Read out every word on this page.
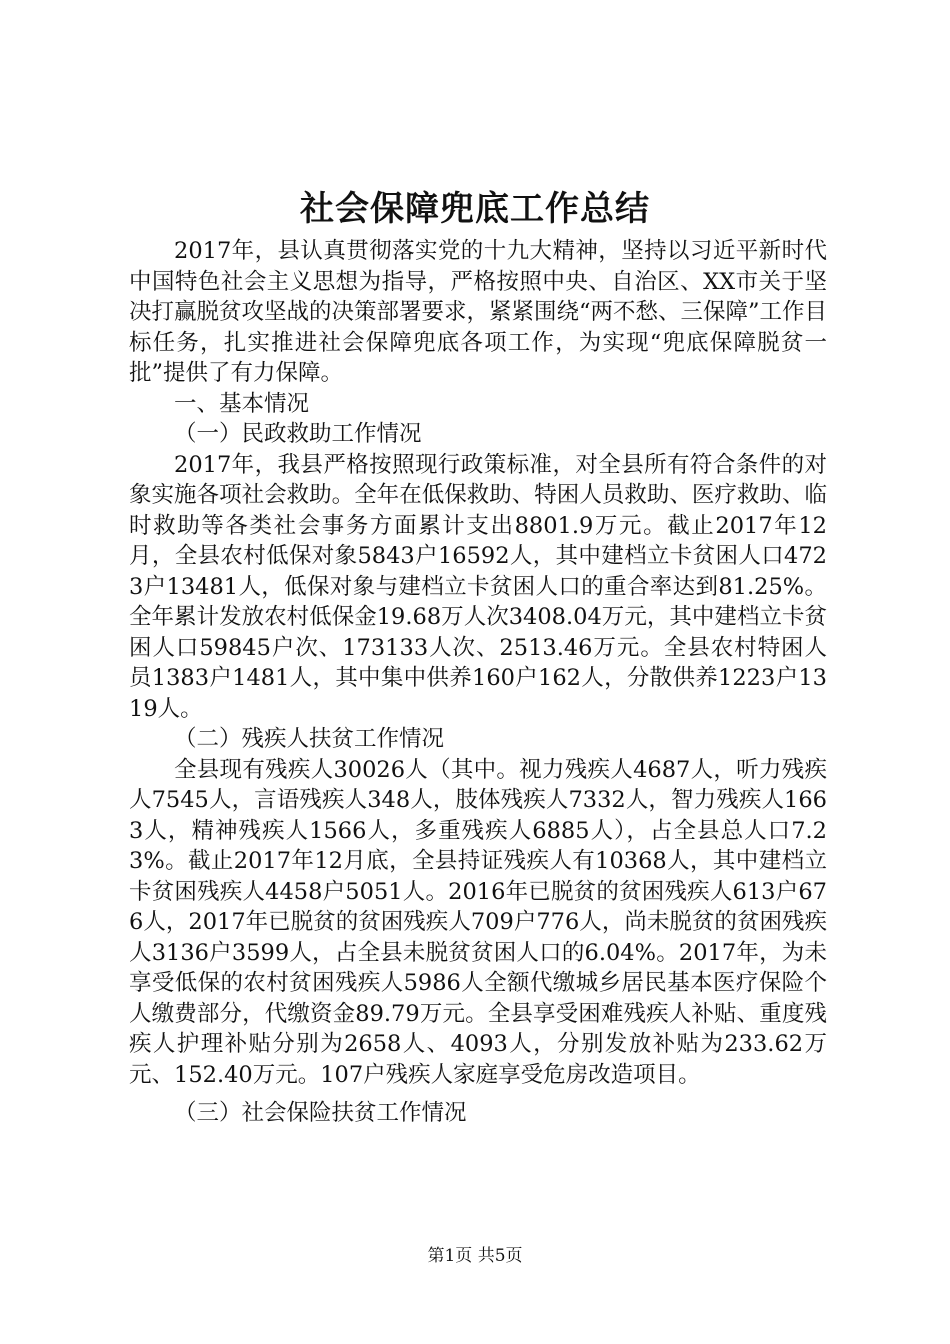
社会保障兜底工作总结

2017年，县认真贯彻落实党的十九大精神，坚持以习近平新时代中国特色社会主义思想为指导，严格按照中央、自治区、XX市关于坚决打赢脱贫攻坚战的决策部署要求，紧紧围绕“两不愁、三保障”工作目标任务，扎实推进社会保障兜底各项工作，为实现“兜底保障脱贫一批”提供了有力保障。

一、基本情况

（一）民政救助工作情况

2017年，我县严格按照现行政策标准，对全县所有符合条件的对象实施各项社会救助。全年在低保救助、特困人员救助、医疗救助、临时救助等各类社会事务方面累计支出8801.9万元。截止2017年12月，全县农村低保对象5843户16592人，其中建档立卡贫困人口4723户13481人，低保对象与建档立卡贫困人口的重合率达到81.25%。全年累计发放农村低保金19.68万人次3408.04万元，其中建档立卡贫困人口59845户次、173133人次、2513.46万元。全县农村特困人员1383户1481人，其中集中供养160户162人，分散供养1223户1319人。

（二）残疾人扶贫工作情况

全县现有残疾人30026人（其中。视力残疾人4687人，听力残疾人7545人，言语残疾人348人，肢体残疾人7332人，智力残疾人1663人，精神残疾人1566人，多重残疾人6885人），占全县总人口7.23%。截止2017年12月底，全县持证残疾人有10368人，其中建档立卡贫困残疾人4458户5051人。2016年已脱贫的贫困残疾人613户676人，2017年已脱贫的贫困残疾人709户776人，尚未脱贫的贫困残疾人3136户3599人，占全县未脱贫贫困人口的6.04%。2017年，为未享受低保的农村贫困残疾人5986人全额代缴城乡居民基本医疗保险个人缴费部分，代缴资金89.79万元。全县享受困难残疾人补贴、重度残疾人护理补贴分别为2658人、4093人，分别发放补贴为233.62万元、152.40万元。107户残疾人家庭享受危房改造项目。

（三）社会保险扶贫工作情况

第1页 共5页
